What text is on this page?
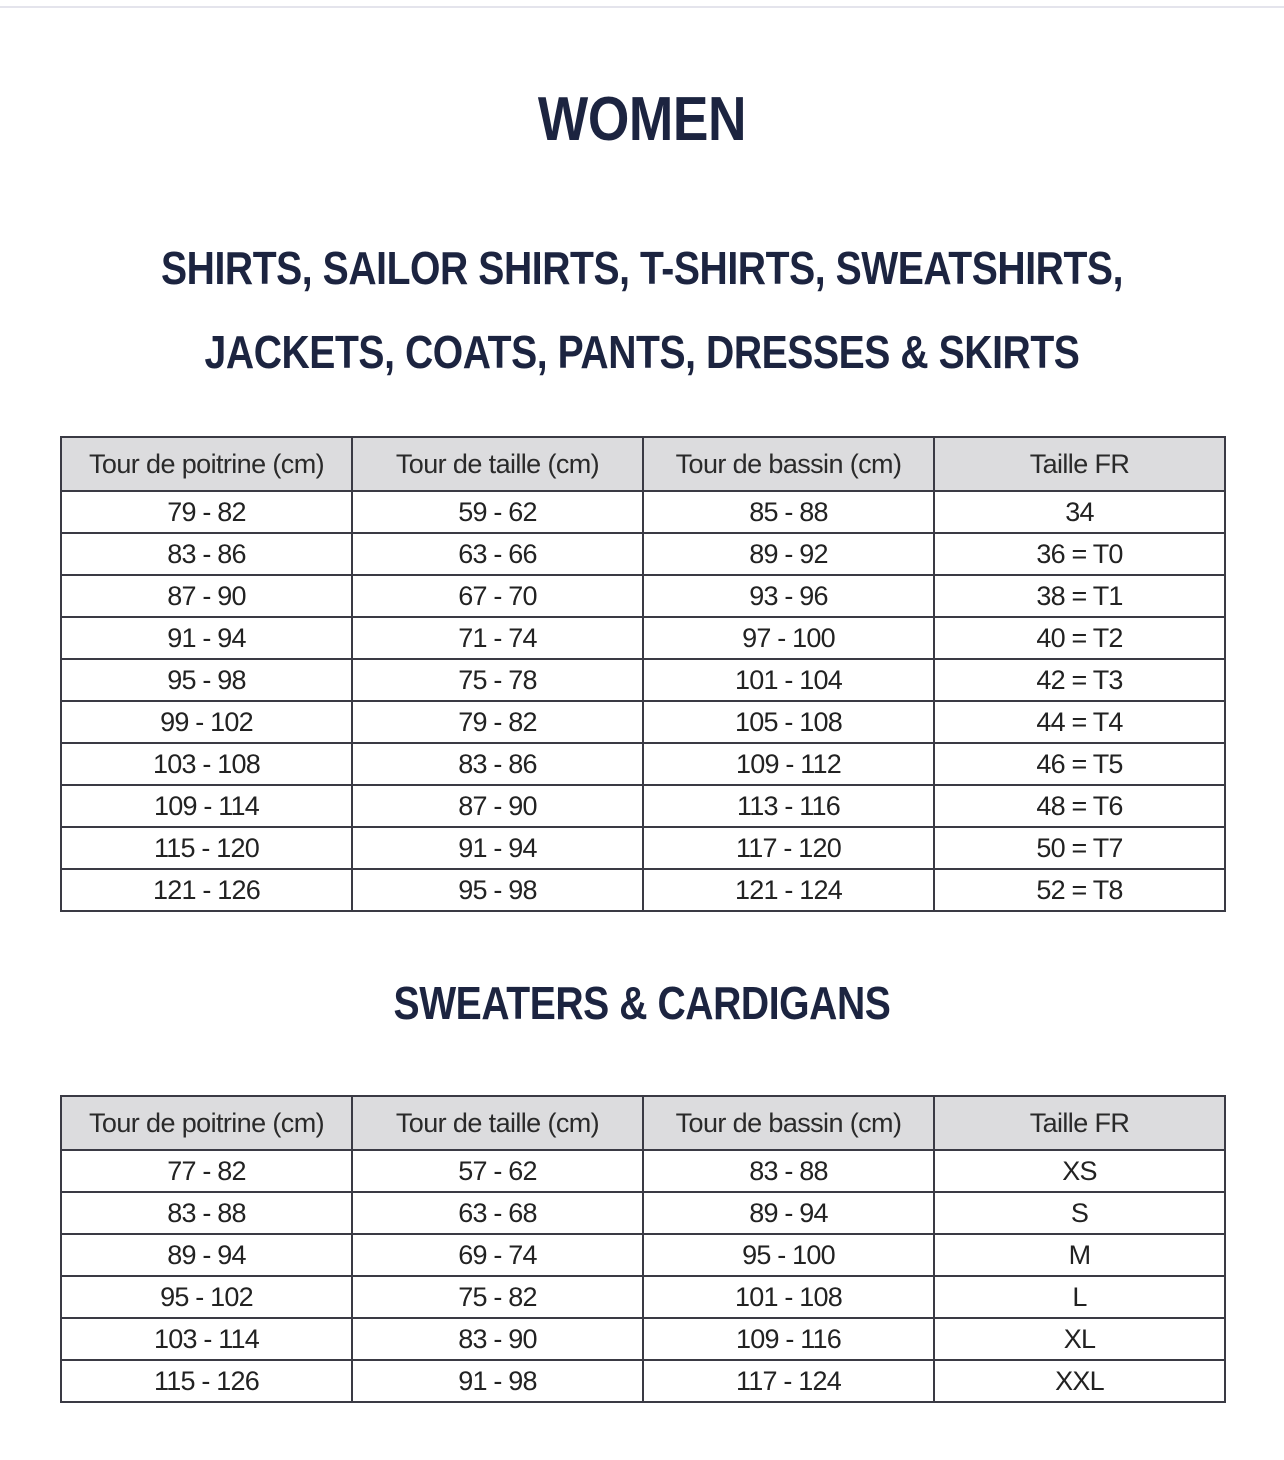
WOMEN
SHIRTS, SAILOR SHIRTS, T-SHIRTS, SWEATSHIRTS,
JACKETS, COATS, PANTS, DRESSES & SKIRTS
Tour de poitrine (cm)	Tour de taille (cm)	Tour de bassin (cm)	Taille FR
79 - 82	59 - 62	85 - 88	34
83 - 86	63 - 66	89 - 92	36 = T0
87 - 90	67 - 70	93 - 96	38 = T1
91 - 94	71 - 74	97 - 100	40 = T2
95 - 98	75 - 78	101 - 104	42 = T3
99 - 102	79 - 82	105 - 108	44 = T4
103 - 108	83 - 86	109 - 112	46 = T5
109 - 114	87 - 90	113 - 116	48 = T6
115 - 120	91 - 94	117 - 120	50 = T7
121 - 126	95 - 98	121 - 124	52 = T8
SWEATERS & CARDIGANS
Tour de poitrine (cm)	Tour de taille (cm)	Tour de bassin (cm)	Taille FR
77 - 82	57 - 62	83 - 88	XS
83 - 88	63 - 68	89 - 94	S
89 - 94	69 - 74	95 - 100	M
95 - 102	75 - 82	101 - 108	L
103 - 114	83 - 90	109 - 116	XL
115 - 126	91 - 98	117 - 124	XXL
